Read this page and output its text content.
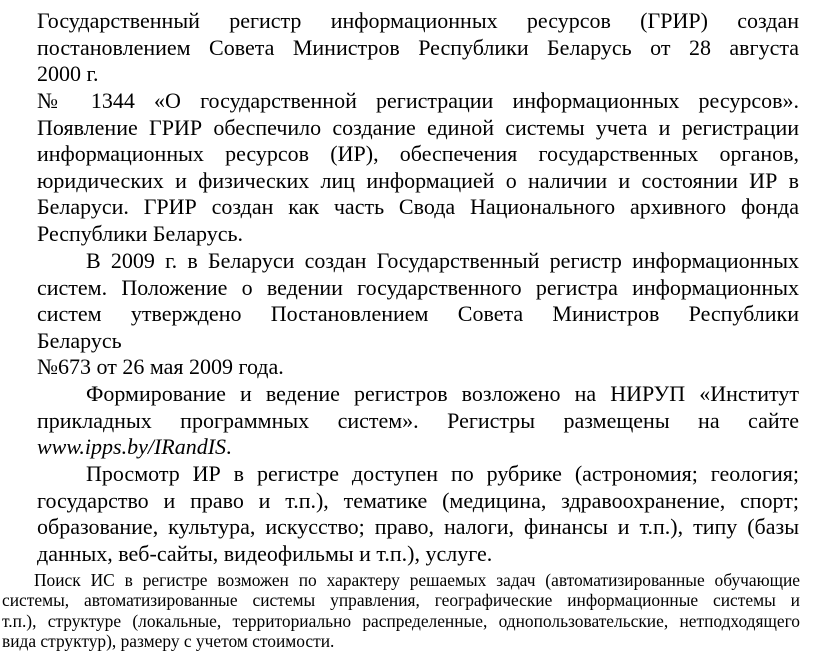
Государственный регистр информационных ресурсов (ГРИР) создан
постановлением Совета Министров Республики Беларусь от 28 августа
2000 г.
№ 1344 «О государственной регистрации информационных ресурсов».
Появление ГРИР обеспечило создание единой системы учета и регистрации
информационных ресурсов (ИР), обеспечения государственных органов,
юридических и физических лиц информацией о наличии и состоянии ИР в
Беларуси. ГРИР создан как часть Свода Национального архивного фонда
Республики Беларусь.
В 2009 г. в Беларуси создан Государственный регистр информационных
систем. Положение о ведении государственного регистра информационных
систем утверждено Постановлением Совета Министров Республики
Беларусь
№673 от 26 мая 2009 года.
Формирование и ведение регистров возложено на НИРУП «Институт
прикладных программных систем». Регистры размещены на сайте
www.ipps.by/IRandIS.
Просмотр ИР в регистре доступен по рубрике (астрономия; геология;
государство и право и т.п.), тематике (медицина, здравоохранение, спорт;
образование, культура, искусство; право, налоги, финансы и т.п.), типу (базы
данных, веб-сайты, видеофильмы и т.п.), услуге.
Поиск ИС в регистре возможен по характеру решаемых задач (автоматизированные обучающие
системы, автоматизированные системы управления, географические информационные системы и
т.п.), структуре (локальные, территориально распределенные, однопользовательские, нетподходящего
вида структур), размеру с учетом стоимости.
